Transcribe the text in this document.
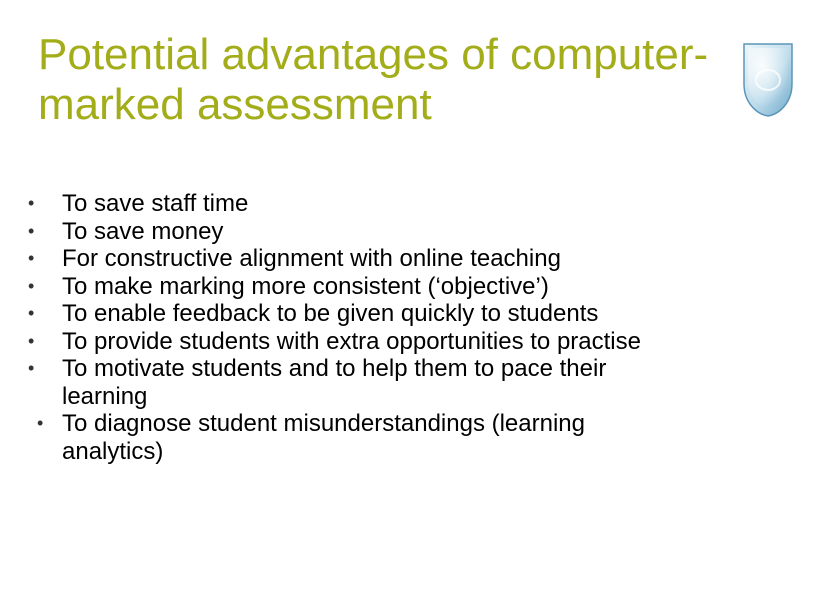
Potential advantages of computer-
marked assessment
•	To save staff time
•	To save money
•	For constructive alignment with online teaching
•	To make marking more consistent (‘objective’)
•	To enable feedback to be given quickly to students
•	To provide students with extra opportunities to practise
•	To motivate students and to help them to pace their
learning
• To diagnose student misunderstandings (learning
analytics)
